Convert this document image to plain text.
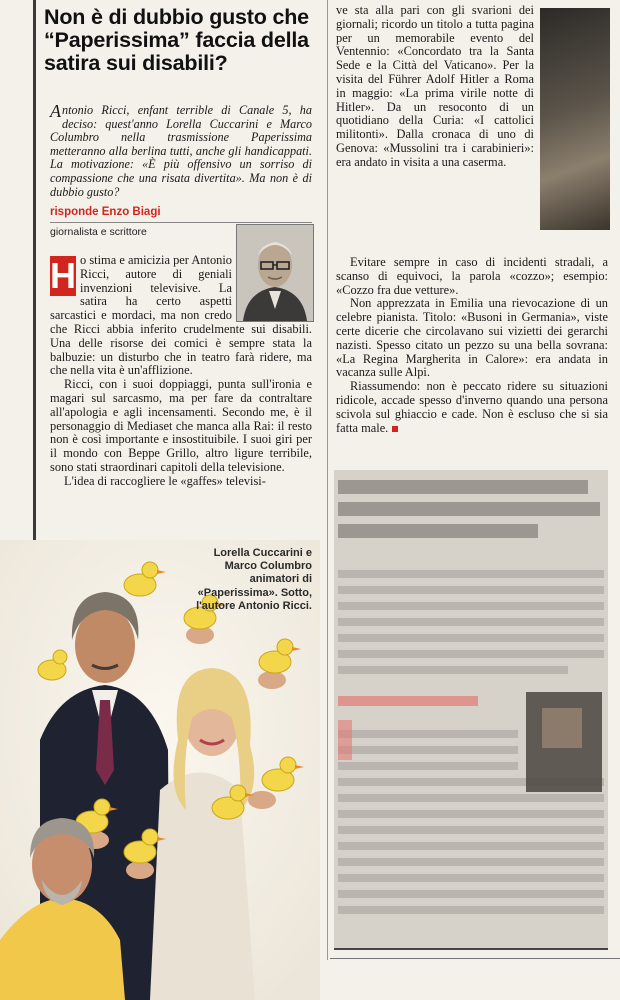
Non è di dubbio gusto che “Paperissima” faccia della satira sui disabili?

A ntonio Ricci, enfant terrible di Canale 5, ha deciso: quest'anno Lorella Cuccarini e Marco Columbro nella trasmissione Paperissima metteranno alla berlina tutti, anche gli handicappati. La motivazione: «È più offensivo un sorriso di compassione che una risata divertita». Ma non è di dubbio gusto?

risponde Enzo Biagi

giornalista e scrittore

H o stima e amicizia per Antonio Ricci, autore di geniali invenzioni televisive. La satira ha certo aspetti sarcastici e mordaci, ma non credo che Ricci abbia inferito crudelmente sui disabili. Una delle risorse dei comici è sempre stata la balbuzie: un disturbo che in teatro farà ridere, ma che nella vita è un'afflizione.

Ricci, con i suoi doppiaggi, punta sull'ironia e magari sul sarcasmo, ma per fare da contraltare all'apologia e agli incensamenti. Secondo me, è il personaggio di Mediaset che manca alla Rai: il resto non è così importante e insostituibile. I suoi giri per il mondo con Beppe Grillo, altro ligure terribile, sono stati straordinari capitoli della televisione.

L'idea di raccogliere le «gaffes» televisi-

Lorella Cuccarini e Marco Columbro animatori di «Paperissima». Sotto, l'autore Antonio Ricci.

ve sta alla pari con gli svarioni dei giornali; ricordo un titolo a tutta pagina per un memorabile evento del Ventennio: «Concordato tra la Santa Sede e la Città del Vaticano». Per la visita del Führer Adolf Hitler a Roma in maggio: «La prima virile notte di Hitler». Da un resoconto di un quotidiano della Curia: «I cattolici militonti». Dalla cronaca di uno di Genova: «Mussolini tra i carabinieri»: era andato in visita a una caserma.

Evitare sempre in caso di incidenti stradali, a scanso di equivoci, la parola «cozzo»; esempio: «Cozzo fra due vetture».

Non apprezzata in Emilia una rievocazione di un celebre pianista. Titolo: «Busoni in Germania», viste certe dicerie che circolavano sui vizietti dei gerarchi nazisti. Spesso citato un pezzo su una bella sovrana: «La Regina Margherita in Calore»: era andata in vacanza sulle Alpi.

Riassumendo: non è peccato ridere su situazioni ridicole, accade spesso d'inverno quando una persona scivola sul ghiaccio e cade. Non è escluso che si sia fatta male.
